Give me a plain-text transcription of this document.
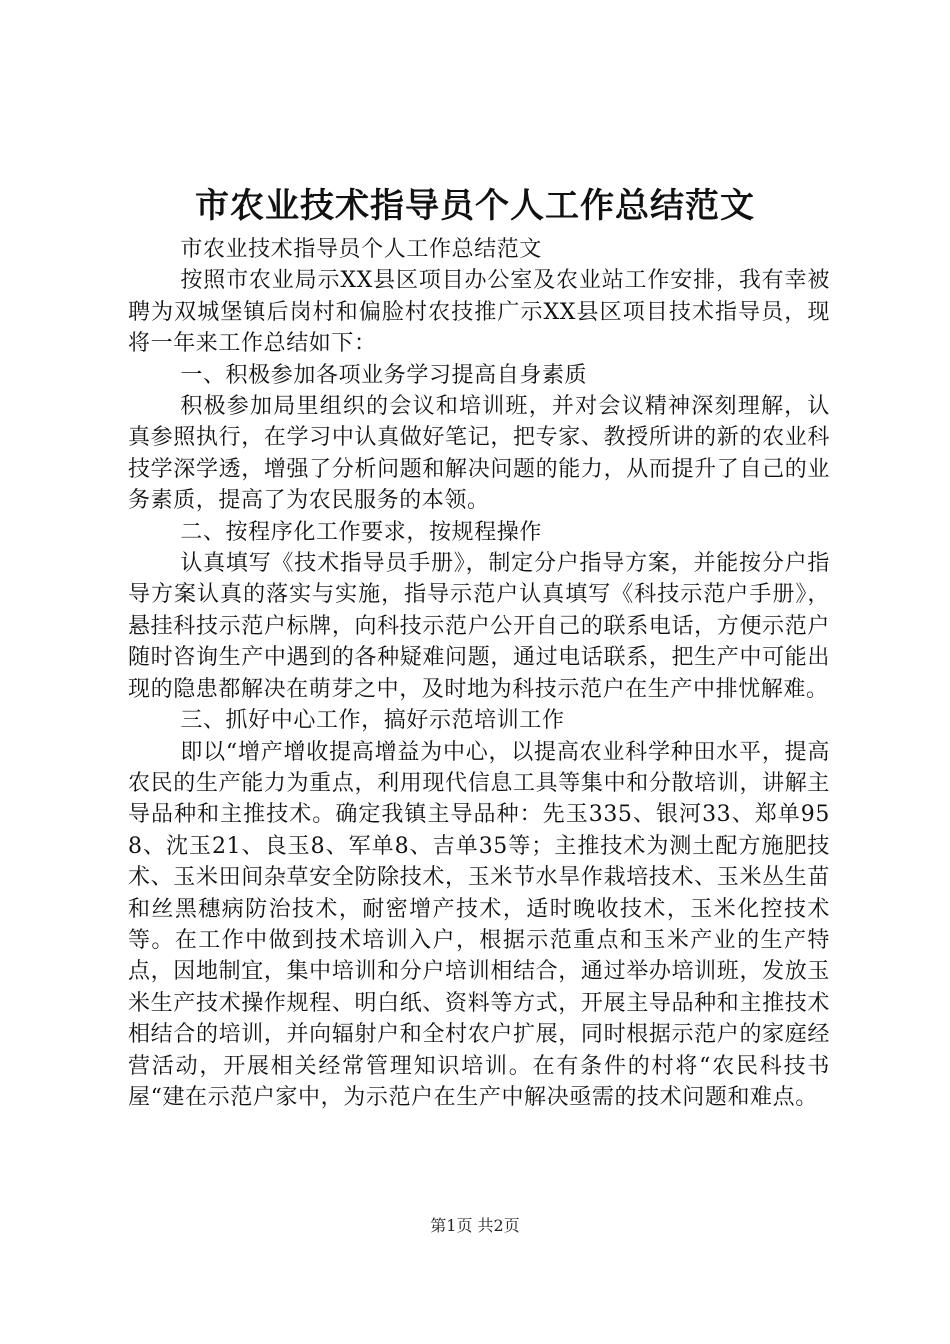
市农业技术指导员个人工作总结范文

市农业技术指导员个人工作总结范文

按照市农业局示XX县区项目办公室及农业站工作安排，我有幸被聘为双城堡镇后岗村和偏脸村农技推广示XX县区项目技术指导员，现将一年来工作总结如下：

一、积极参加各项业务学习提高自身素质

积极参加局里组织的会议和培训班，并对会议精神深刻理解，认真参照执行，在学习中认真做好笔记，把专家、教授所讲的新的农业科技学深学透，增强了分析问题和解决问题的能力，从而提升了自己的业务素质，提高了为农民服务的本领。

二、按程序化工作要求，按规程操作

认真填写《技术指导员手册》，制定分户指导方案，并能按分户指导方案认真的落实与实施，指导示范户认真填写《科技示范户手册》，悬挂科技示范户标牌，向科技示范户公开自己的联系电话，方便示范户随时咨询生产中遇到的各种疑难问题，通过电话联系，把生产中可能出现的隐患都解决在萌芽之中，及时地为科技示范户在生产中排忧解难。

三、抓好中心工作，搞好示范培训工作

即以“增产增收提高增益为中心，以提高农业科学种田水平，提高农民的生产能力为重点，利用现代信息工具等集中和分散培训，讲解主导品种和主推技术。确定我镇主导品种：先玉335、银河33、郑单958、沈玉21、良玉8、军单8、吉单35等；主推技术为测土配方施肥技术、玉米田间杂草安全防除技术，玉米节水旱作栽培技术、玉米丛生苗和丝黑穗病防治技术，耐密增产技术，适时晚收技术，玉米化控技术等。在工作中做到技术培训入户，根据示范重点和玉米产业的生产特点，因地制宜，集中培训和分户培训相结合，通过举办培训班，发放玉米生产技术操作规程、明白纸、资料等方式，开展主导品种和主推技术相结合的培训，并向辐射户和全村农户扩展，同时根据示范户的家庭经营活动，开展相关经常管理知识培训。在有条件的村将“农民科技书屋“建在示范户家中，为示范户在生产中解决亟需的技术问题和难点。

第1页 共2页
